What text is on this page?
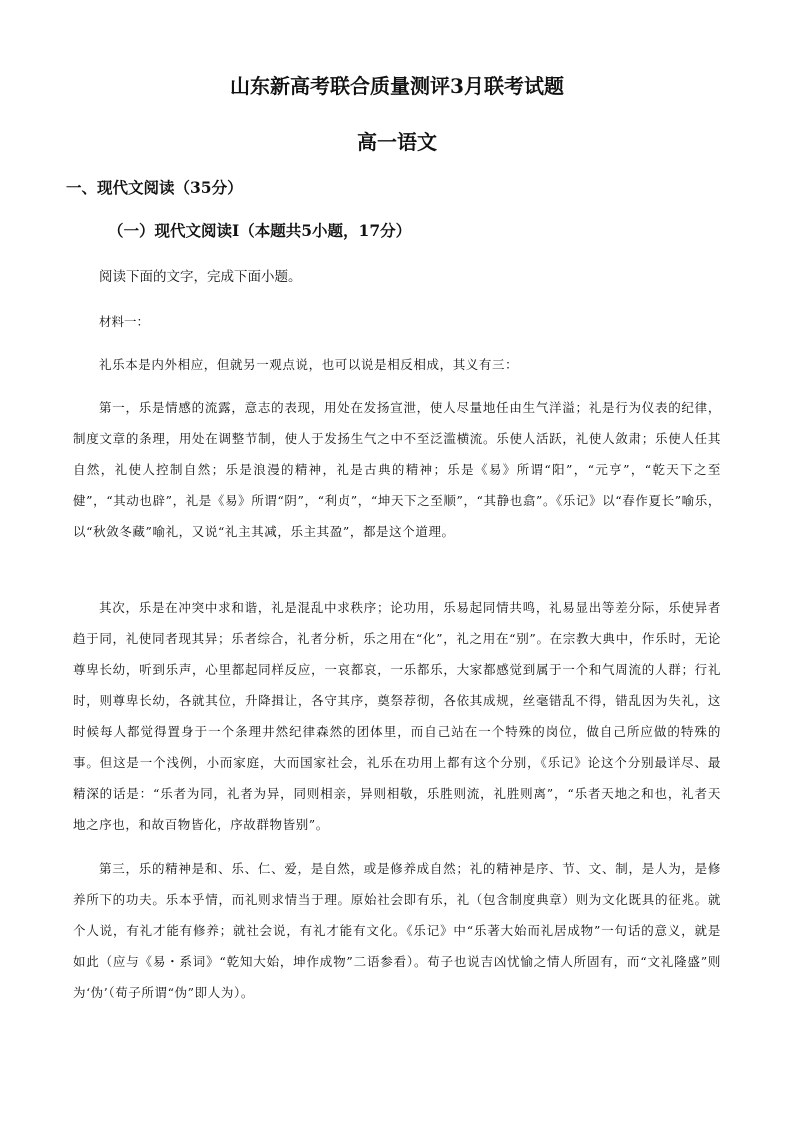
山东新高考联合质量测评3月联考试题
高一语文
一、现代文阅读（35分）
（一）现代文阅读I（本题共5小题，17分）
阅读下面的文字，完成下面小题。
材料一：
礼乐本是内外相应，但就另一观点说，也可以说是相反相成，其义有三：

第一，乐是情感的流露，意志的表现，用处在发扬宣泄，使人尽量地任由生气洋溢；礼是行为仪表的纪律，制度文章的条理，用处在调整节制，使人于发扬生气之中不至泛滥横流。乐使人活跃，礼使人敛肃；乐使人任其自然，礼使人控制自然；乐是浪漫的精神，礼是古典的精神；乐是《易》所谓“阳”，“元亨”，“乾天下之至健”，“其动也辟”，礼是《易》所谓“阴”，“利贞”，“坤天下之至顺”，“其静也翕”。《乐记》以“春作夏长”喻乐，以“秋敛冬藏”喻礼，又说“礼主其减，乐主其盈”，都是这个道理。

其次，乐是在冲突中求和谐，礼是混乱中求秩序；论功用，乐易起同情共鸣，礼易显出等差分际，乐使异者趋于同，礼使同者现其异；乐者综合，礼者分析，乐之用在“化”，礼之用在“别”。在宗教大典中，作乐时，无论尊卑长幼，听到乐声，心里都起同样反应，一哀都哀，一乐都乐，大家都感觉到属于一个和气周流的人群；行礼时，则尊卑长幼，各就其位，升降揖让，各守其序，奠祭荐彻，各依其成规，丝毫错乱不得，错乱因为失礼，这时候每人都觉得置身于一个条理井然纪律森然的团体里，而自己站在一个特殊的岗位，做自己所应做的特殊的事。但这是一个浅例，小而家庭，大而国家社会，礼乐在功用上都有这个分别，《乐记》论这个分别最详尽、最精深的话是：“乐者为同，礼者为异，同则相亲，异则相敬，乐胜则流，礼胜则离”，“乐者天地之和也，礼者天地之序也，和故百物皆化，序故群物皆别”。

第三，乐的精神是和、乐、仁、爱，是自然，或是修养成自然；礼的精神是序、节、文、制，是人为，是修养所下的功夫。乐本乎情，而礼则求情当于理。原始社会即有乐，礼（包含制度典章）则为文化既具的征兆。就个人说，有礼才能有修养；就社会说，有礼才能有文化。《乐记》中“乐著大始而礼居成物”一句话的意义，就是如此（应与《易・系词》“乾知大始，坤作成物”二语参看）。荀子也说吉凶忧愉之情人所固有，而“文礼隆盛”则为‘伪’（荀子所谓“伪”即人为）。
